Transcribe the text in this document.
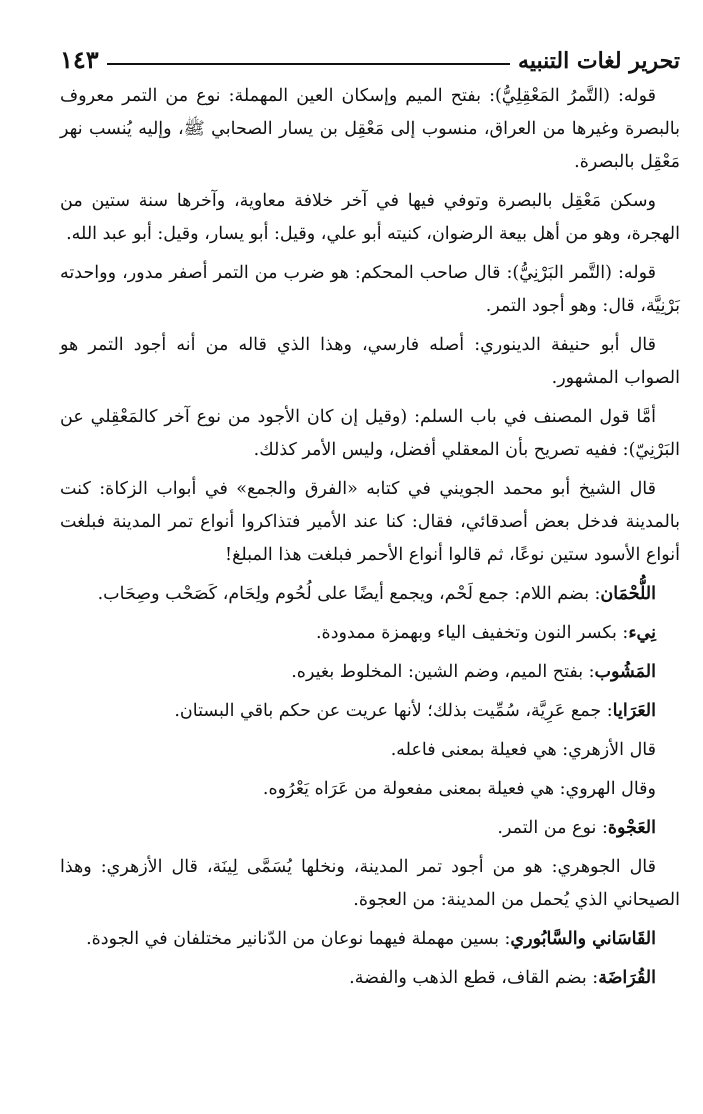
تحرير لغات التنبيه
١٤٣

قوله: (التَّمرُ المَعْقِلِيُّ): بفتح الميم وإسكان العين المهملة: نوع من التمر معروف بالبصرة وغيرها من العراق، منسوب إلى مَعْقِل بن يسار الصحابي ﷺ، وإليه يُنسب نهر مَعْقِل بالبصرة.

وسكن مَعْقِل بالبصرة وتوفي فيها في آخر خلافة معاوية، وآخرها سنة ستين من الهجرة، وهو من أهل بيعة الرضوان، كنيته أبو علي، وقيل: أبو يسار، وقيل: أبو عبد الله.

قوله: (التَّمر البَرْنِيُّ): قال صاحب المحكم: هو ضرب من التمر أصفر مدور، وواحدته بَرْنِيَّة، قال: وهو أجود التمر.

قال أبو حنيفة الدينوري: أصله فارسي، وهذا الذي قاله من أنه أجود التمر هو الصواب المشهور.

أمَّا قول المصنف في باب السلم: (وقيل إن كان الأجود من نوع آخر كالمَعْقِلي عن البَرْنِيّ): ففيه تصريح بأن المعقلي أفضل، وليس الأمر كذلك.

قال الشيخ أبو محمد الجويني في كتابه «الفرق والجمع» في أبواب الزكاة: كنت بالمدينة فدخل بعض أصدقائي، فقال: كنا عند الأمير فتذاكروا أنواع تمر المدينة فبلغت أنواع الأسود ستين نوعًا، ثم قالوا أنواع الأحمر فبلغت هذا المبلغ!

اللُّحْمَان: بضم اللام: جمع لَحْم، ويجمع أيضًا على لُحُوم ولِحَام، كَصَحْب وصِحَاب.

نِيء: بكسر النون وتخفيف الياء وبهمزة ممدودة.

المَشُوب: بفتح الميم، وضم الشين: المخلوط بغيره.

العَرَايا: جمع عَرِيَّة، سُمِّيت بذلك؛ لأنها عريت عن حكم باقي البستان.

قال الأزهري: هي فعيلة بمعنى فاعله.

وقال الهروي: هي فعيلة بمعنى مفعولة من عَرَاه يَعْرُوه.

العَجْوة: نوع من التمر.

قال الجوهري: هو من أجود تمر المدينة، ونخلها يُسَمَّى لِينَة، قال الأزهري: وهذا الصيحاني الذي يُحمل من المدينة: من العجوة.

القَاسَاني والسَّابُوري: بسين مهملة فيهما نوعان من الدّنانير مختلفان في الجودة.

القُرَاضَة: بضم القاف، قطع الذهب والفضة.
